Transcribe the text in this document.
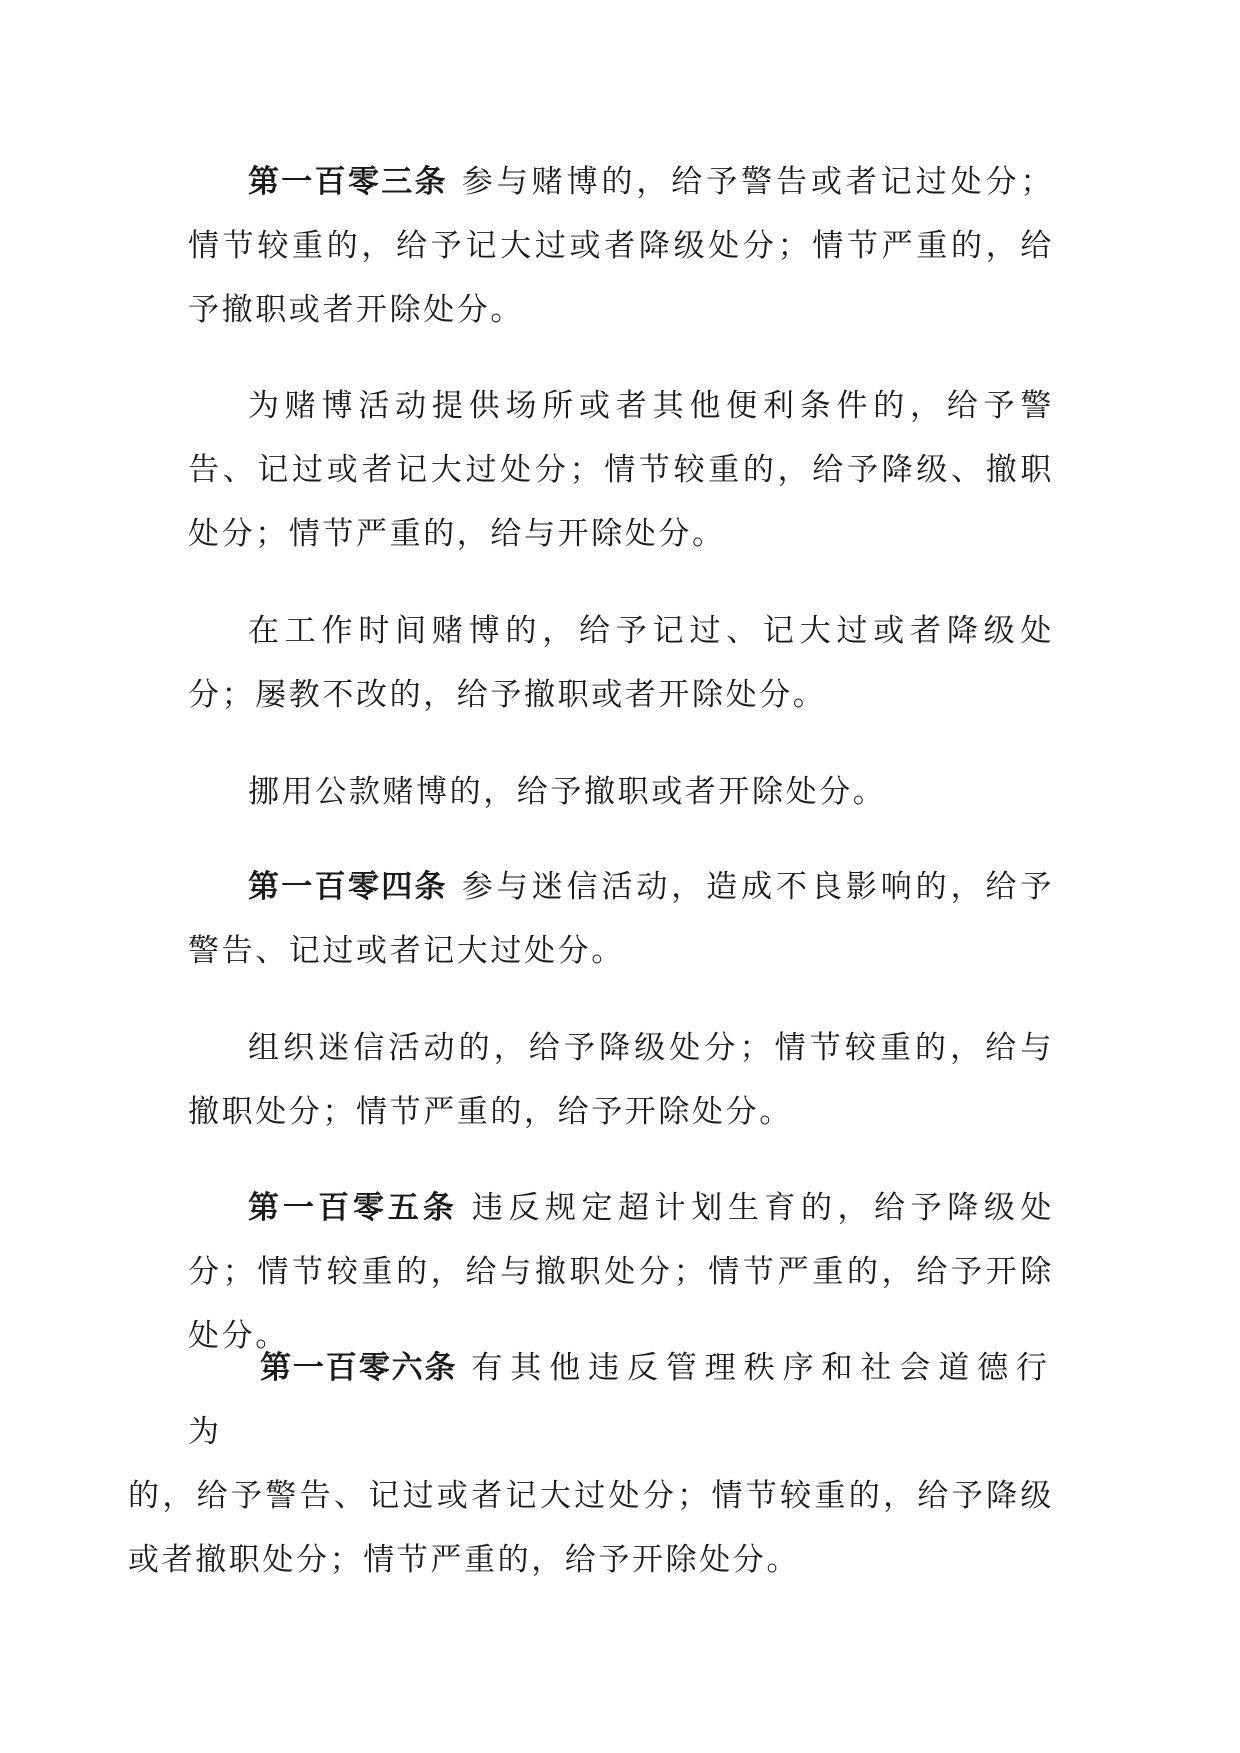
第一百零三条 参与赌博的，给予警告或者记过处分；情节较重的，给予记大过或者降级处分；情节严重的，给予撤职或者开除处分。

为赌博活动提供场所或者其他便利条件的，给予警告、记过或者记大过处分；情节较重的，给予降级、撤职处分；情节严重的，给与开除处分。

在工作时间赌博的，给予记过、记大过或者降级处分；屡教不改的，给予撤职或者开除处分。

挪用公款赌博的，给予撤职或者开除处分。

第一百零四条 参与迷信活动，造成不良影响的，给予警告、记过或者记大过处分。

组织迷信活动的，给予降级处分；情节较重的，给与撤职处分；情节严重的，给予开除处分。

第一百零五条 违反规定超计划生育的，给予降级处分；情节较重的，给与撤职处分；情节严重的，给予开除处分。

第一百零六条 有其他违反管理秩序和社会道德行为
的，给予警告、记过或者记大过处分；情节较重的，给予降级或者撤职处分；情节严重的，给予开除处分。
